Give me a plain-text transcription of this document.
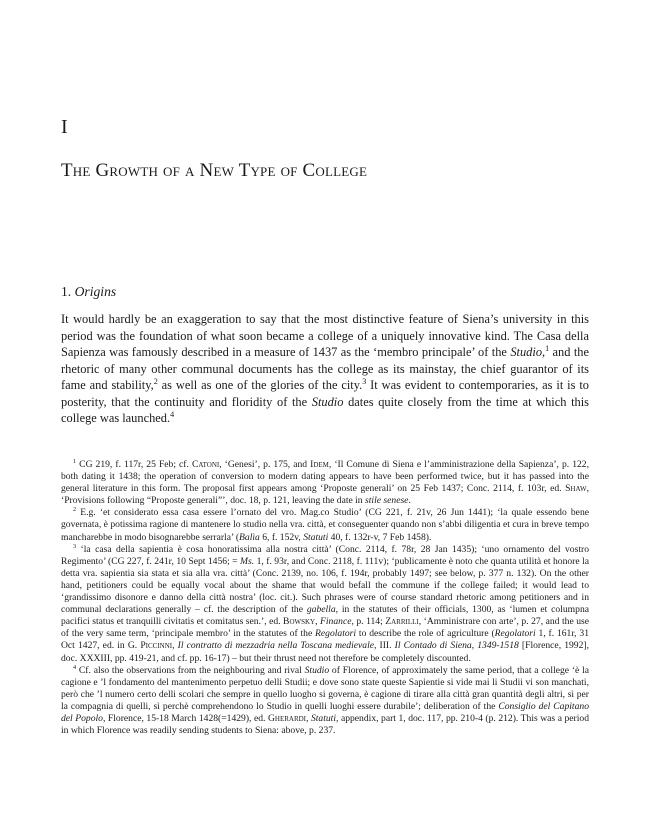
I
The Growth of a New Type of College
1. Origins

It would hardly be an exaggeration to say that the most distinctive feature of Siena’s university in this period was the foundation of what soon became a college of a uniquely innovative kind. The Casa della Sapienza was famously described in a measure of 1437 as the ‘membro principale’ of the Studio,$^1$ and the rhetoric of many other communal documents has the college as its mainstay, the chief guarantor of its fame and stability,$^2$ as well as one of the glories of the city.$^3$ It was evident to contemporaries, as it is to posterity, that the continuity and floridity of the Studio dates quite closely from the time at which this college was launched.$^4$

$^1$ CG 219, f. 117r, 25 Feb; cf. Catoni, ‘Genesi’, p. 175, and Idem, ‘Il Comune di Siena e l’amministrazione della Sapienza’, p. 122, both dating it 1438; the operation of conversion to modern dating appears to have been performed twice, but it has passed into the general literature in this form. The proposal first appears among ‘Proposte generali’ on 25 Feb 1437; Conc. 2114, f. 103r, ed. Shaw, ‘Provisions following “Proposte generali”’, doc. 18, p. 121, leaving the date in stile senese.

$^2$ E.g. ‘et considerato essa casa essere l’ornato del vro. Mag.co Studio’ (CG 221, f. 21v, 26 Jun 1441); ‘la quale essendo bene governata, è potissima ragione di mantenere lo studio nella vra. città, et conseguenter quando non s’abbi diligentia et cura in breve tempo mancharebbe in modo bisognarebbe serrarla’ (Balìa 6, f. 152v, Statuti 40, f. 132r-v, 7 Feb 1458).

$^3$ ‘la casa della sapientia è cosa honoratissima alla nostra città’ (Conc. 2114, f. 78r, 28 Jan 1435); ‘uno ornamento del vostro Regimento’ (CG 227, f. 241r, 10 Sept 1456; = Ms. 1, f. 93r, and Conc. 2118, f. 111v); ‘publicamente è noto che quanta utilità et honore la detta vra. sapientia sia stata et sia alla vra. città’ (Conc. 2139, no. 106, f. 194r, probably 1497; see below, p. 377 n. 132). On the other hand, petitioners could be equally vocal about the shame that would befall the commune if the college failed; it would lead to ‘grandissimo disonore e danno della città nostra’ (loc. cit.). Such phrases were of course standard rhetoric among petitioners and in communal declarations generally – cf. the description of the gabella, in the statutes of their officials, 1300, as ‘lumen et columpna pacifici status et tranquilli civitatis et comitatus sen.’, ed. Bowsky, Finance, p. 114; Zarrilli, ‘Amministrare con arte’, p. 27, and the use of the very same term, ‘principale membro’ in the statutes of the Regolatori to describe the role of agriculture (Regolatori 1, f. 161r, 31 Oct 1427, ed. in G. Piccinni, Il contratto di mezzadria nella Toscana medievale, III. Il Contado di Siena, 1349-1518 [Florence, 1992], doc. XXXIII, pp. 419-21, and cf. pp. 16-17) – but their thrust need not therefore be completely discounted.

$^4$ Cf. also the observations from the neighbouring and rival Studio of Florence, of approximately the same period, that a college ‘è la cagione e ’l fondamento del mantenimento perpetuo delli Studii; e dove sono state queste Sapientie si vide mai li Studii vi son manchati, però che ’l numero certo delli scolari che sempre in quello luogho si governa, è cagione di tirare alla città gran quantità degli altri, sì per la compagnia di quelli, sì perchè comprehendono lo Studio in quelli luoghi essere durabile’; deliberation of the Consiglio del Capitano del Popolo, Florence, 15-18 March 1428(=1429), ed. Gherardi, Statuti, appendix, part 1, doc. 117, pp. 210-4 (p. 212). This was a period in which Florence was readily sending students to Siena: above, p. 237.
